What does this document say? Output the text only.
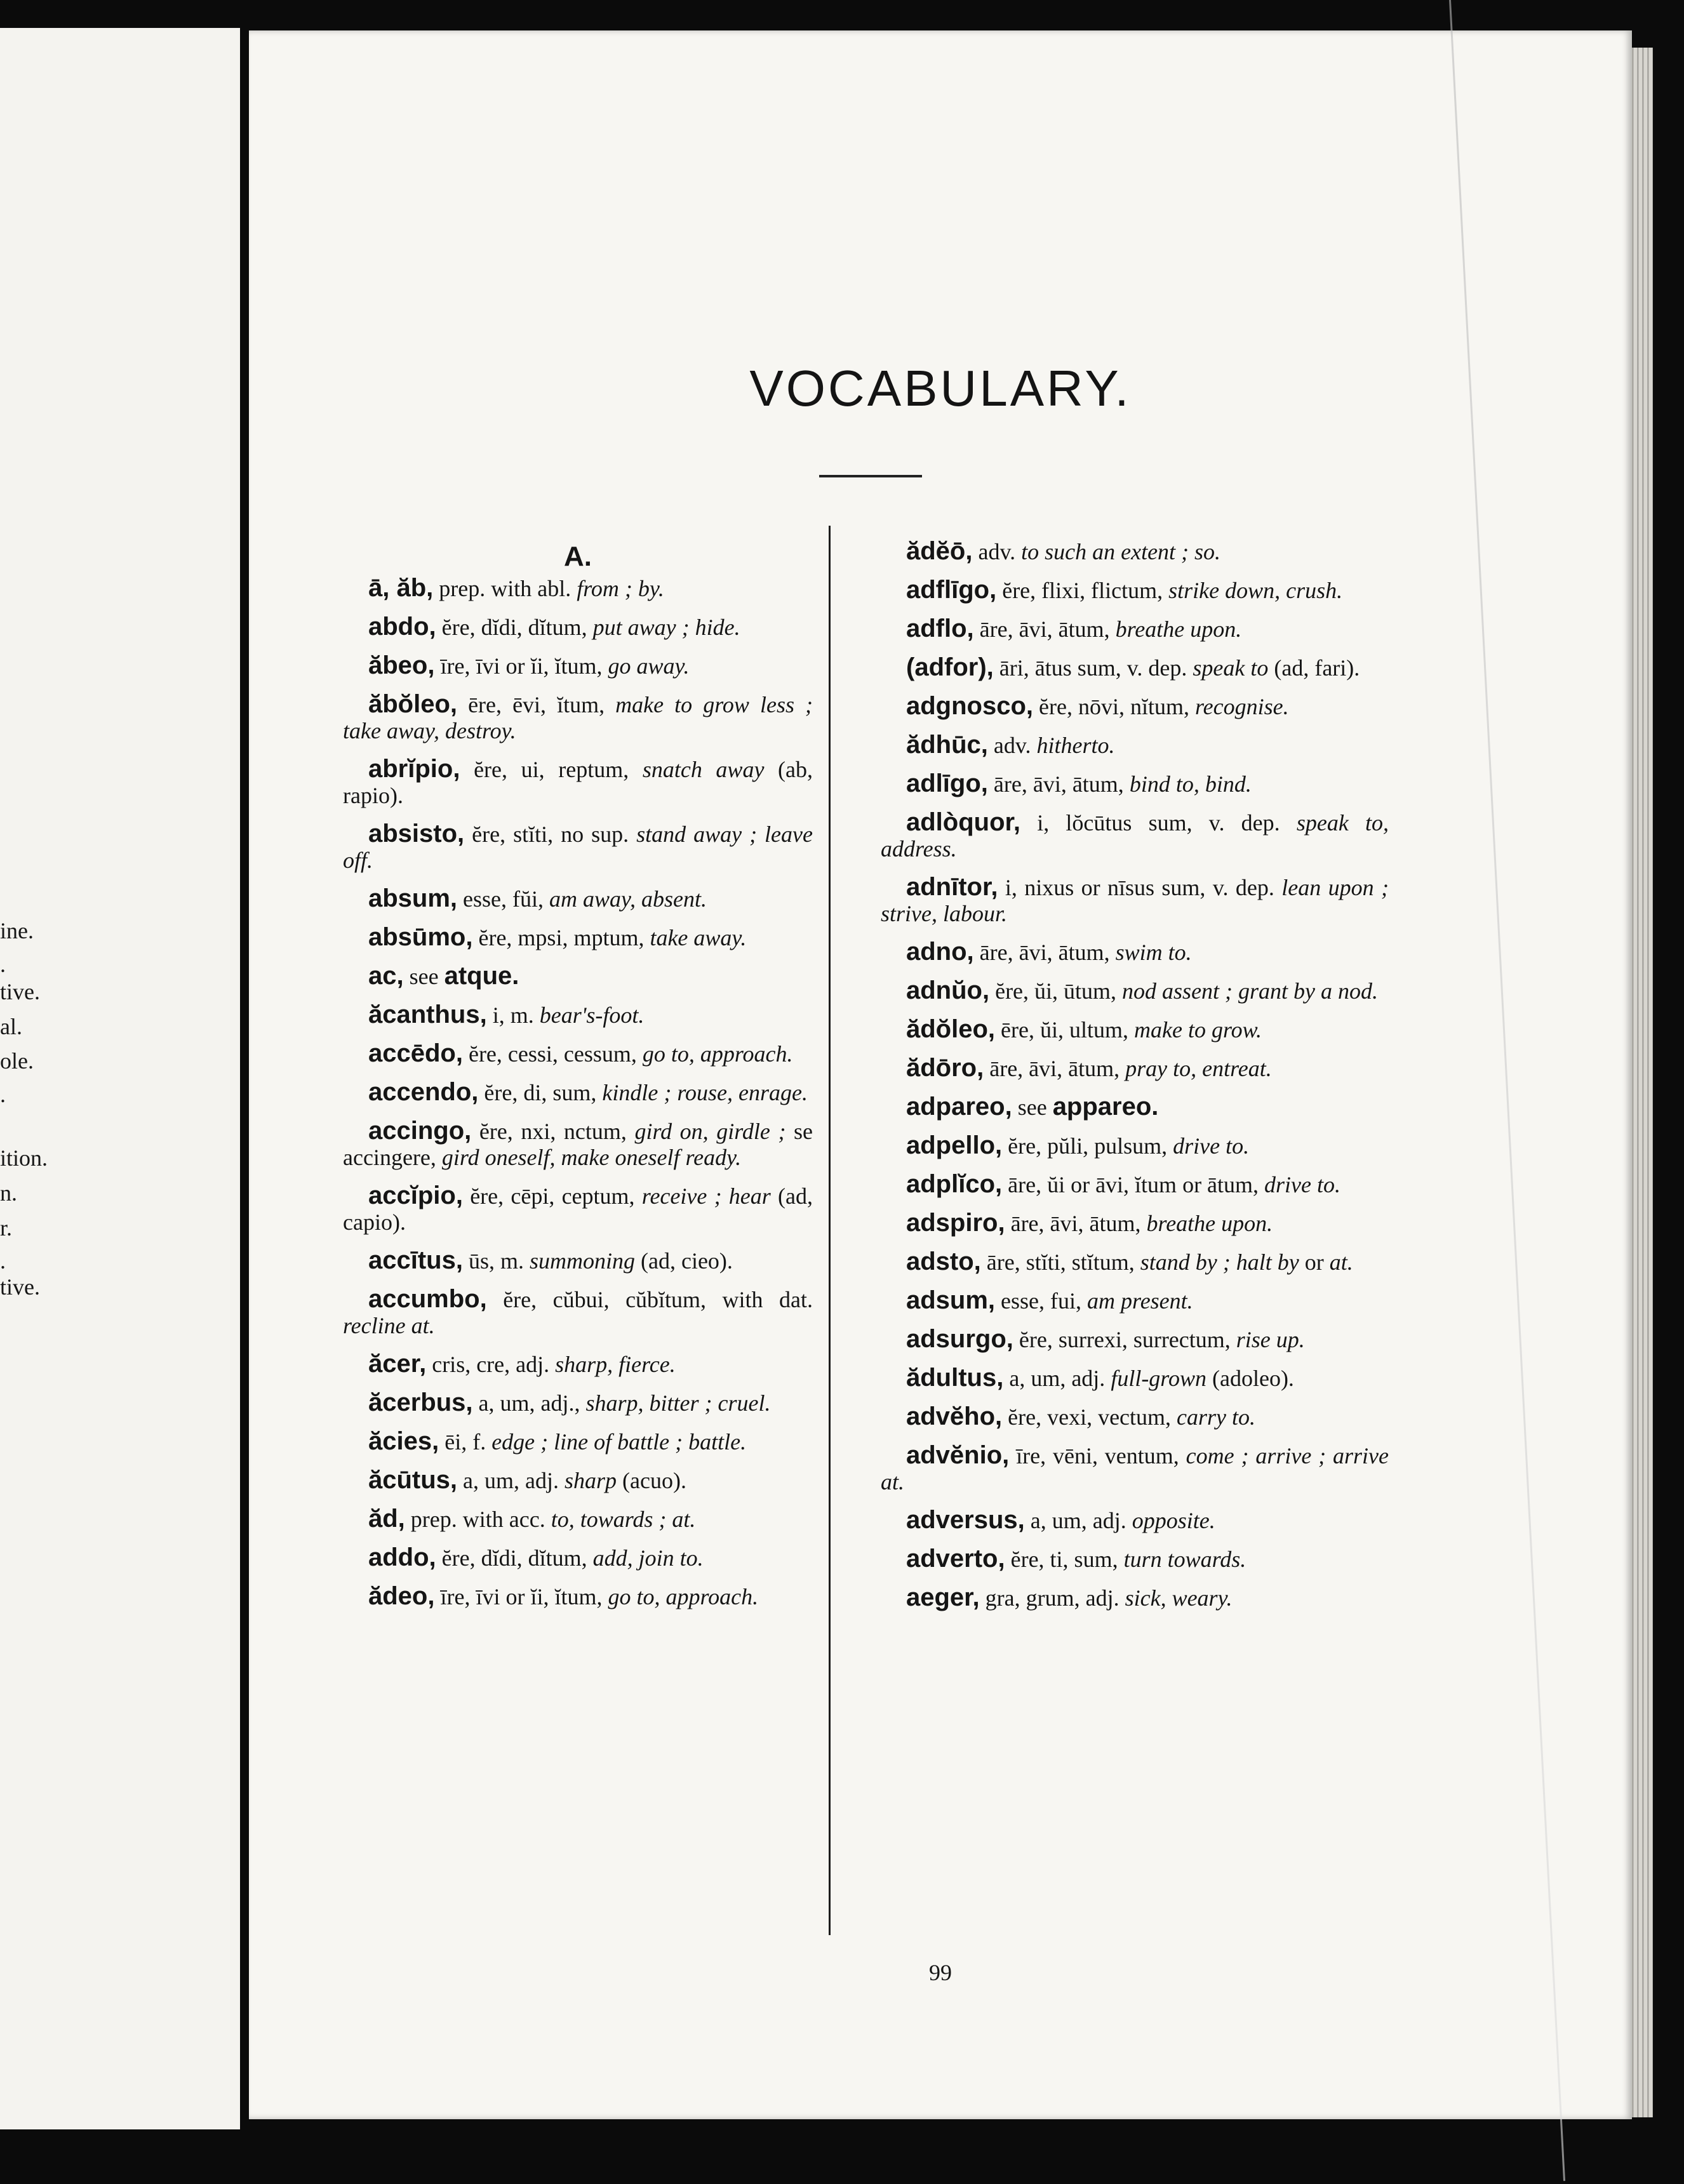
ine.
.
tive.
al.
ole.
.
ition.
n.
r.
.
tive.
VOCABULARY.
A.
ā, ăb, prep. with abl. from ; by.
abdo, ĕre, dĭdi, dĭtum, put away ; hide.
ăbeo, īre, īvi or ĭi, ĭtum, go away.
ăbŏleo, ēre, ēvi, ĭtum, make to grow less ; take away, destroy.
abrĭpio, ĕre, ui, reptum, snatch away (ab, rapio).
absisto, ĕre, stĭti, no sup. stand away ; leave off.
absum, esse, fŭi, am away, absent.
absūmo, ĕre, mpsi, mptum, take away.
ac, see atque.
ăcanthus, i, m. bear's-foot.
accēdo, ĕre, cessi, cessum, go to, approach.
accendo, ĕre, di, sum, kindle ; rouse, enrage.
accingo, ĕre, nxi, nctum, gird on, girdle ; se accingere, gird oneself, make oneself ready.
accĭpio, ĕre, cēpi, ceptum, receive ; hear (ad, capio).
accītus, ūs, m. summoning (ad, cieo).
accumbo, ĕre, cŭbui, cŭbĭtum, with dat. recline at.
ăcer, cris, cre, adj. sharp, fierce.
ăcerbus, a, um, adj., sharp, bitter ; cruel.
ăcies, ēi, f. edge ; line of battle ; battle.
ăcūtus, a, um, adj. sharp (acuo).
ăd, prep. with acc. to, towards ; at.
addo, ĕre, dĭdi, dĭtum, add, join to.
ădeo, īre, īvi or ĭi, ĭtum, go to, approach.
ădĕō, adv. to such an extent ; so.
adflīgo, ĕre, flixi, flictum, strike down, crush.
adflo, āre, āvi, ātum, breathe upon.
(adfor), āri, ātus sum, v. dep. speak to (ad, fari).
adgnosco, ĕre, nōvi, nĭtum, recognise.
ădhūc, adv. hitherto.
adlīgo, āre, āvi, ātum, bind to, bind.
adlòquor, i, lŏcūtus sum, v. dep. speak to, address.
adnītor, i, nixus or nīsus sum, v. dep. lean upon ; strive, labour.
adno, āre, āvi, ātum, swim to.
adnŭo, ĕre, ŭi, ūtum, nod assent ; grant by a nod.
ădŏleo, ēre, ŭi, ultum, make to grow.
ădōro, āre, āvi, ātum, pray to, entreat.
adpareo, see appareo.
adpello, ĕre, pŭli, pulsum, drive to.
adplĭco, āre, ŭi or āvi, ĭtum or ātum, drive to.
adspiro, āre, āvi, ātum, breathe upon.
adsto, āre, stĭti, stĭtum, stand by ; halt by or at.
adsum, esse, fui, am present.
adsurgo, ĕre, surrexi, surrectum, rise up.
ădultus, a, um, adj. full-grown (adoleo).
advĕho, ĕre, vexi, vectum, carry to.
advĕnio, īre, vēni, ventum, come ; arrive ; arrive at.
adversus, a, um, adj. opposite.
adverto, ĕre, ti, sum, turn towards.
aeger, gra, grum, adj. sick, weary.
99
